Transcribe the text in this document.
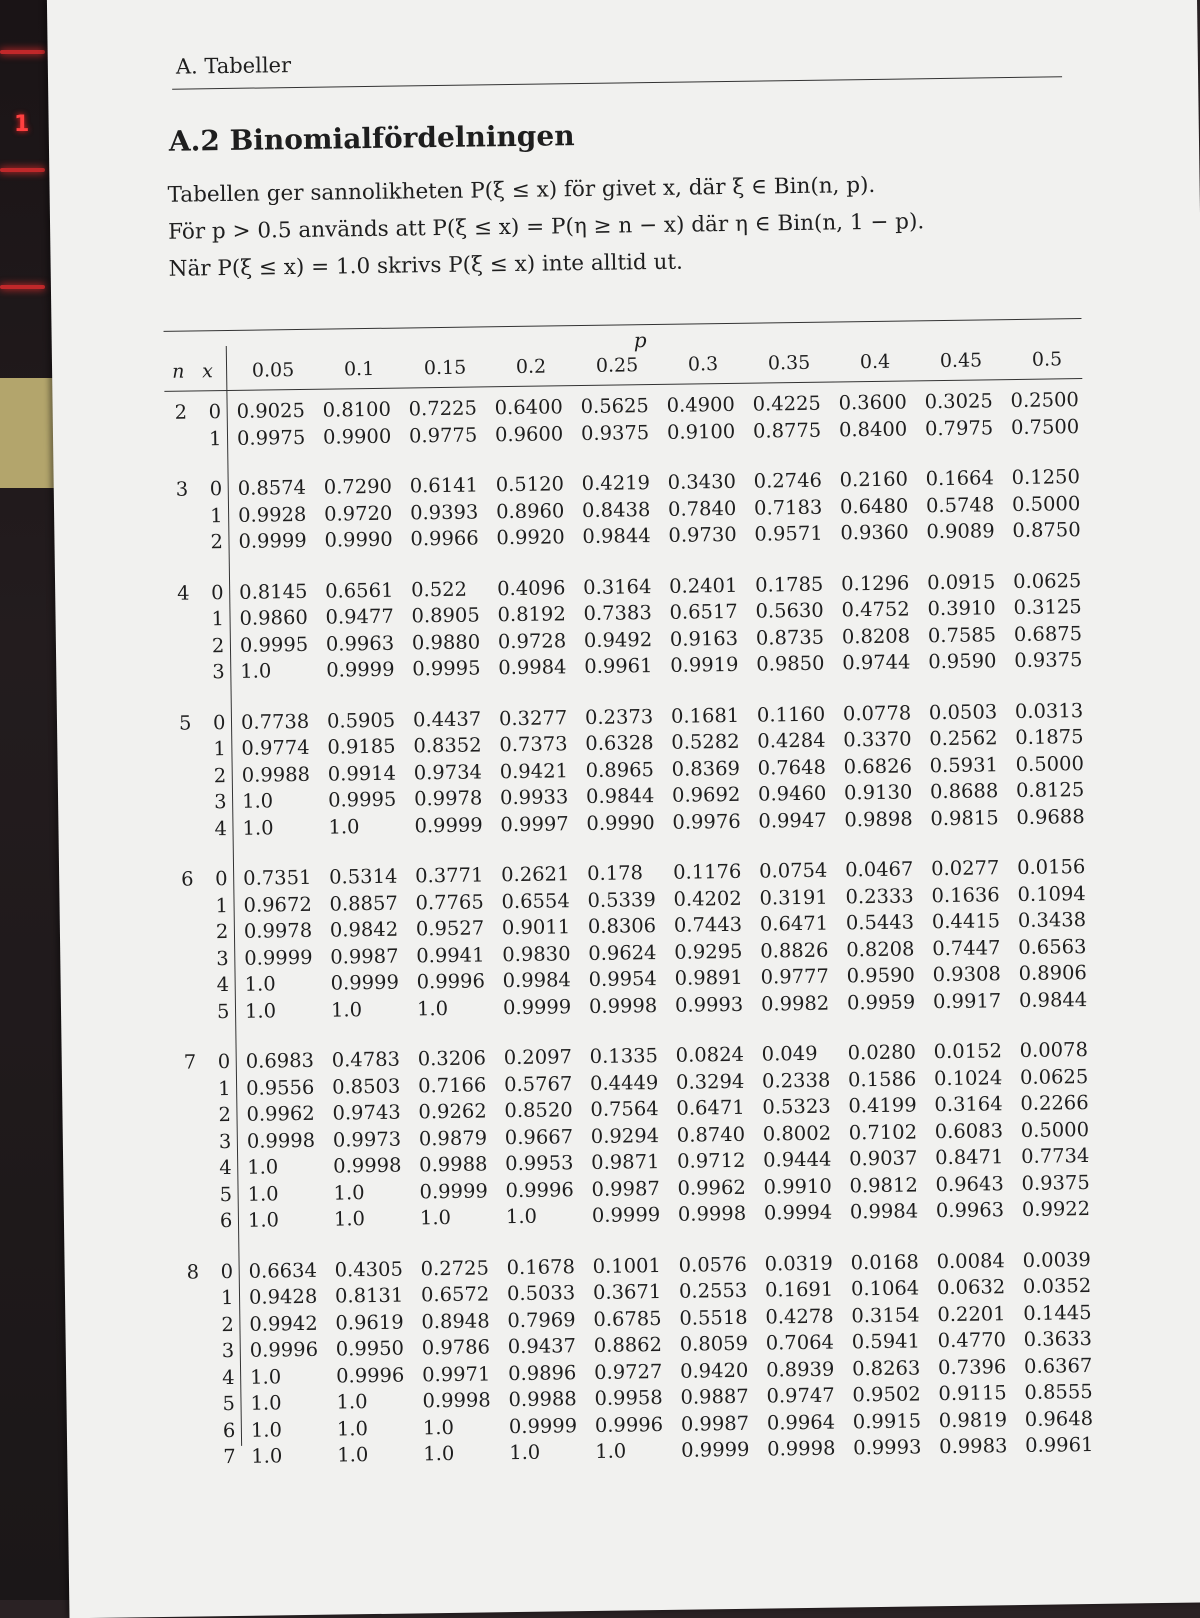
1
A. Tabeller
A.2 Binomialfördelningen
Tabellen ger sannolikheten P(ξ ≤ x) för givet x, där ξ ∈ Bin(n, p).
För p > 0.5 används att P(ξ ≤ x) = P(η ≥ n − x) där η ∈ Bin(n, 1 − p).
När P(ξ ≤ x) = 1.0 skrivs P(ξ ≤ x) inte alltid ut.
p
n x	0.05	0.1	0.15	0.2	0.25	0.3	0.35	0.4	0.45	0.5
2 0 0.9025 0.8100 0.7225 0.6400 0.5625 0.4900 0.4225 0.3600 0.3025 0.2500
1 0.9975 0.9900 0.9775 0.9600 0.9375 0.9100 0.8775 0.8400 0.7975 0.7500
3 0 0.8574 0.7290 0.6141 0.5120 0.4219 0.3430 0.2746 0.2160 0.1664 0.1250
1 0.9928 0.9720 0.9393 0.8960 0.8438 0.7840 0.7183 0.6480 0.5748 0.5000
2 0.9999 0.9990 0.9966 0.9920 0.9844 0.9730 0.9571 0.9360 0.9089 0.8750
4 0 0.8145 0.6561 0.522 0.4096 0.3164 0.2401 0.1785 0.1296 0.0915 0.0625
1 0.9860 0.9477 0.8905 0.8192 0.7383 0.6517 0.5630 0.4752 0.3910 0.3125
2 0.9995 0.9963 0.9880 0.9728 0.9492 0.9163 0.8735 0.8208 0.7585 0.6875
3 1.0	0.9999 0.9995 0.9984 0.9961 0.9919 0.9850 0.9744 0.9590 0.9375
5 0 0.7738 0.5905 0.4437 0.3277 0.2373 0.1681 0.1160 0.0778 0.0503 0.0313
1 0.9774 0.9185 0.8352 0.7373 0.6328 0.5282 0.4284 0.3370 0.2562 0.1875
2 0.9988 0.9914 0.9734 0.9421 0.8965 0.8369 0.7648 0.6826 0.5931 0.5000
3 1.0	0.9995 0.9978 0.9933 0.9844 0.9692 0.9460 0.9130 0.8688 0.8125
4 1.0	1.0	0.9999 0.9997 0.9990 0.9976 0.9947 0.9898 0.9815 0.9688
6 0 0.7351 0.5314 0.3771 0.2621 0.178 0.1176 0.0754 0.0467 0.0277 0.0156
1 0.9672 0.8857 0.7765 0.6554 0.5339 0.4202 0.3191 0.2333 0.1636 0.1094
2 0.9978 0.9842 0.9527 0.9011 0.8306 0.7443 0.6471 0.5443 0.4415 0.3438
3 0.9999 0.9987 0.9941 0.9830 0.9624 0.9295 0.8826 0.8208 0.7447 0.6563
4 1.0	0.9999 0.9996 0.9984 0.9954 0.9891 0.9777 0.9590 0.9308 0.8906
5 1.0	1.0	1.0	0.9999 0.9998 0.9993 0.9982 0.9959 0.9917 0.9844
7 0 0.6983 0.4783 0.3206 0.2097 0.1335 0.0824 0.049 0.0280 0.0152 0.0078
1 0.9556 0.8503 0.7166 0.5767 0.4449 0.3294 0.2338 0.1586 0.1024 0.0625
2 0.9962 0.9743 0.9262 0.8520 0.7564 0.6471 0.5323 0.4199 0.3164 0.2266
3 0.9998 0.9973 0.9879 0.9667 0.9294 0.8740 0.8002 0.7102 0.6083 0.5000
4 1.0	0.9998 0.9988 0.9953 0.9871 0.9712 0.9444 0.9037 0.8471 0.7734
5 1.0	1.0	0.9999 0.9996 0.9987 0.9962 0.9910 0.9812 0.9643 0.9375
6 1.0	1.0	1.0	1.0	0.9999 0.9998 0.9994 0.9984 0.9963 0.9922
8 0 0.6634 0.4305 0.2725 0.1678 0.1001 0.0576 0.0319 0.0168 0.0084 0.0039
1 0.9428 0.8131 0.6572 0.5033 0.3671 0.2553 0.1691 0.1064 0.0632 0.0352
2 0.9942 0.9619 0.8948 0.7969 0.6785 0.5518 0.4278 0.3154 0.2201 0.1445
3 0.9996 0.9950 0.9786 0.9437 0.8862 0.8059 0.7064 0.5941 0.4770 0.3633
4 1.0	0.9996 0.9971 0.9896 0.9727 0.9420 0.8939 0.8263 0.7396 0.6367
5 1.0	1.0	0.9998 0.9988 0.9958 0.9887 0.9747 0.9502 0.9115 0.8555
6 1.0	1.0	1.0	0.9999 0.9996 0.9987 0.9964 0.9915 0.9819 0.9648
7 1.0	1.0	1.0	1.0	1.0	0.9999 0.9998 0.9993 0.9983 0.9961
